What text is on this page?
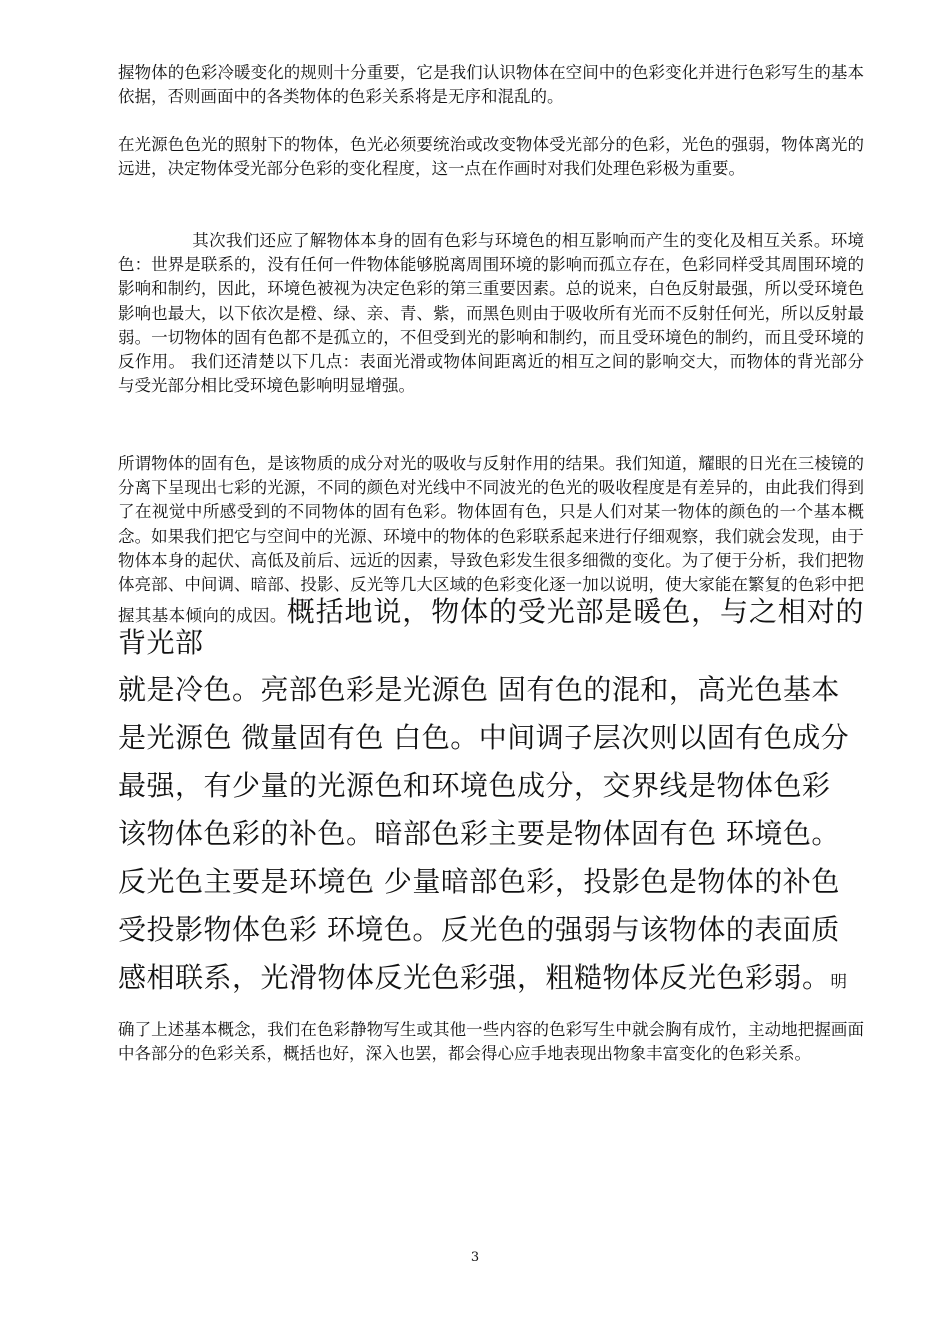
握物体的色彩冷暖变化的规则十分重要，它是我们认识物体在空间中的色彩变化并进行色彩写生的基本依据，否则画面中的各类物体的色彩关系将是无序和混乱的。

在光源色色光的照射下的物体，色光必须要统治或改变物体受光部分的色彩，光色的强弱，物体离光的远进，决定物体受光部分色彩的变化程度，这一点在作画时对我们处理色彩极为重要。

其次我们还应了解物体本身的固有色彩与环境色的相互影响而产生的变化及相互关系。环境色：世界是联系的，没有任何一件物体能够脱离周围环境的影响而孤立存在，色彩同样受其周围环境的影响和制约，因此，环境色被视为决定色彩的第三重要因素。总的说来，白色反射最强，所以受环境色影响也最大，以下依次是橙、绿、亲、青、紫，而黑色则由于吸收所有光而不反射任何光，所以反射最弱。一切物体的固有色都不是孤立的，不但受到光的影响和制约，而且受环境色的制约，而且受环境的反作用。 我们还清楚以下几点：表面光滑或物体间距离近的相互之间的影响交大，而物体的背光部分与受光部分相比受环境色影响明显增强。

所谓物体的固有色，是该物质的成分对光的吸收与反射作用的结果。我们知道，耀眼的日光在三棱镜的分离下呈现出七彩的光源，不同的颜色对光线中不同波光的色光的吸收程度是有差异的，由此我们得到了在视觉中所感受到的不同物体的固有色彩。物体固有色，只是人们对某一物体的颜色的一个基本概念。如果我们把它与空间中的光源、环境中的物体的色彩联系起来进行仔细观察，我们就会发现，由于物体本身的起伏、高低及前后、远近的因素，导致色彩发生很多细微的变化。为了便于分析，我们把物体亮部、中间调、暗部、投影、反光等几大区域的色彩变化逐一加以说明，使大家能在繁复的色彩中把握其基本倾向的成因。概括地说，物体的受光部是暖色，与之相对的背光部
就是冷色。亮部色彩是光源色 固有色的混和，高光色基本
是光源色 微量固有色 白色。中间调子层次则以固有色成分
最强，有少量的光源色和环境色成分，交界线是物体色彩
该物体色彩的补色。暗部色彩主要是物体固有色 环境色。
反光色主要是环境色 少量暗部色彩，投影色是物体的补色
受投影物体色彩 环境色。反光色的强弱与该物体的表面质
感相联系，光滑物体反光色彩强，粗糙物体反光色彩弱。明

确了上述基本概念，我们在色彩静物写生或其他一些内容的色彩写生中就会胸有成竹，主动地把握画面中各部分的色彩关系，概括也好，深入也罢，都会得心应手地表现出物象丰富变化的色彩关系。

3
